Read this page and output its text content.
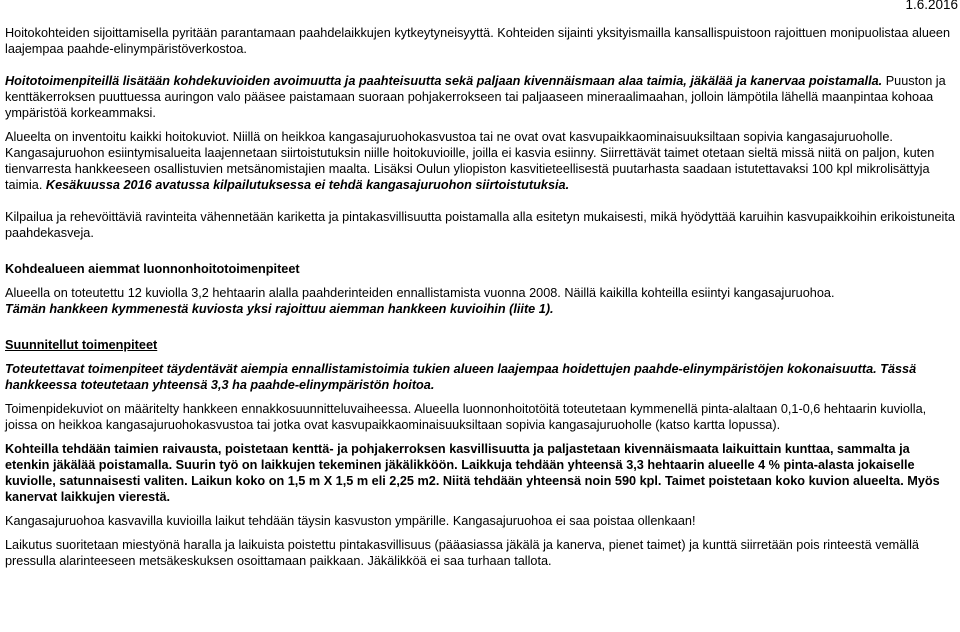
1.6.2016

Hoitokohteiden sijoittamisella pyritään parantamaan paahdelaikkujen kytkeytyneisyyttä. Kohteiden sijainti yksityismailla kansallispuistoon rajoittuen monipuolistaa alueen laajempaa paahde-elinympäristöverkostoa.

Hoitotoimenpiteillä lisätään kohdekuvioiden avoimuutta ja paahteisuutta sekä paljaan kivennäismaan alaa taimia, jäkälää ja kanervaa poistamalla. Puuston ja kenttäkerroksen puuttuessa auringon valo pääsee paistamaan suoraan pohjakerrokseen tai paljaaseen mineraalimaahan, jolloin lämpötila lähellä maanpintaa kohoaa ympäristöä korkeammaksi.

Alueelta on inventoitu kaikki hoitokuviot. Niillä on heikkoa kangasajuruohokasvustoa tai ne ovat ovat kasvupaikkaominaisuuksiltaan sopivia kangasajuruoholle. Kangasajuruohon esiintymisalueita laajennetaan siirtoistutuksin niille hoitokuvioille, joilla ei kasvia esiinny. Siirrettävät taimet otetaan sieltä missä niitä on paljon, kuten tienvarresta hankkeeseen osallistuvien metsänomistajien maalta. Lisäksi Oulun yliopiston kasvitieteellisestä puutarhasta saadaan istutettavaksi 100 kpl mikrolisättyja taimia. Kesäkuussa 2016 avatussa kilpailutuksessa ei tehdä kangasajuruohon siirtoistutuksia.

Kilpailua ja rehevöittäviä ravinteita vähennetään kariketta ja pintakasvillisuutta poistamalla alla esitetyn mukaisesti, mikä hyödyttää karuihin kasvupaikkoihin erikoistuneita paahdekasveja.

Kohdealueen aiemmat luonnonhoitotoimenpiteet

Alueella on toteutettu 12 kuviolla 3,2 hehtaarin alalla paahderinteiden ennallistamista vuonna 2008. Näillä kaikilla kohteilla esiintyi kangasajuruohoa.
Tämän hankkeen kymmenestä kuviosta yksi rajoittuu aiemman hankkeen kuvioihin (liite 1).

Suunnitellut toimenpiteet

Toteutettavat toimenpiteet täydentävät aiempia ennallistamistoimia tukien alueen laajempaa hoidettujen paahde-elinympäristöjen kokonaisuutta. Tässä hankkeessa toteutetaan yhteensä 3,3 ha paahde-elinympäristön hoitoa.

Toimenpidekuviot on määritelty hankkeen ennakkosuunnitteluvaiheessa. Alueella luonnonhoitotöitä toteutetaan kymmenellä pinta-alaltaan 0,1-0,6 hehtaarin kuviolla, joissa on heikkoa kangasajuruohokasvustoa tai jotka ovat kasvupaikkaominaisuuksiltaan sopivia kangasajuruoholle (katso kartta lopussa).

Kohteilla tehdään taimien raivausta, poistetaan kenttä- ja pohjakerroksen kasvillisuutta ja paljastetaan kivennäismaata laikuittain kunttaa, sammalta ja etenkin jäkälää poistamalla. Suurin työ on laikkujen tekeminen jäkälikköön. Laikkuja tehdään yhteensä 3,3 hehtaarin alueelle 4 % pinta-alasta jokaiselle kuviolle, satunnaisesti valiten. Laikun koko on 1,5 m X 1,5 m eli 2,25 m2. Niitä tehdään yhteensä noin 590 kpl. Taimet poistetaan koko kuvion alueelta. Myös kanervat laikkujen vierestä.

Kangasajuruohoa kasvavilla kuvioilla laikut tehdään täysin kasvuston ympärille. Kangasajuruohoa ei saa poistaa ollenkaan!

Laikutus suoritetaan miestyönä haralla ja laikuista poistettu pintakasvillisuus (pääasiassa jäkälä ja kanerva, pienet taimet) ja kunttä siirretään pois rinteestä vemällä pressulla alarinteeseen metsäkeskuksen osoittamaan paikkaan. Jäkälikköä ei saa turhaan tallota.
